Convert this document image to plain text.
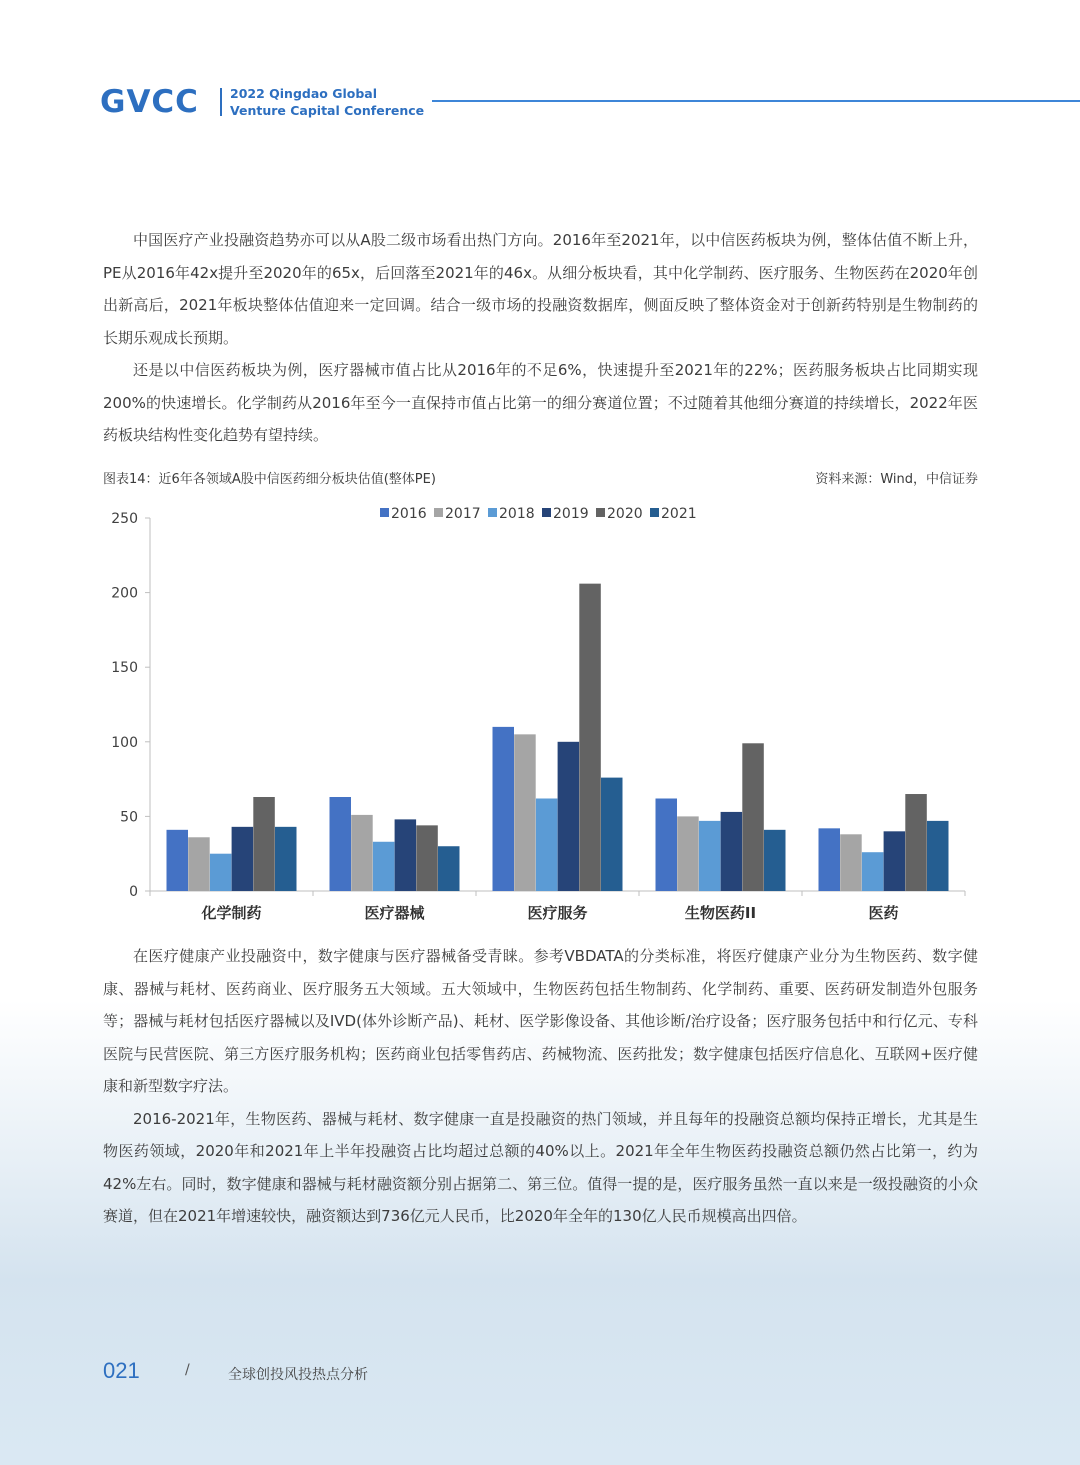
GVCC 2022 Qingdao Global
Venture Capital Conference

中国医疗产业投融资趋势亦可以从A股二级市场看出热门方向。2016年至2021年，以中信医药板块为例，整体估值不断上升，PE从2016年42x提升至2020年的65x，后回落至2021年的46x。从细分板块看，其中化学制药、医疗服务、生物医药在2020年创出新高后，2021年板块整体估值迎来一定回调。结合一级市场的投融资数据库，侧面反映了整体资金对于创新药特别是生物制药的长期乐观成长预期。

还是以中信医药板块为例，医疗器械市值占比从2016年的不足6%，快速提升至2021年的22%；医药服务板块占比同期实现200%的快速增长。化学制药从2016年至今一直保持市值占比第一的细分赛道位置；不过随着其他细分赛道的持续增长，2022年医药板块结构性变化趋势有望持续。

图表14：近6年各领域A股中信医药细分板块估值(整体PE)	资料来源：Wind，中信证券
0
50
100
150
200
250
化学制药	医疗器械	医疗服务	生物医药II	医药
2016 2017 2018 2019 2020 2021

在医疗健康产业投融资中，数字健康与医疗器械备受青睐。参考VBDATA的分类标准，将医疗健康产业分为生物医药、数字健康、器械与耗材、医药商业、医疗服务五大领域。五大领域中，生物医药包括生物制药、化学制药、重要、医药研发制造外包服务等；器械与耗材包括医疗器械以及IVD(体外诊断产品)、耗材、医学影像设备、其他诊断/治疗设备；医疗服务包括中和行亿元、专科医院与民营医院、第三方医疗服务机构；医药商业包括零售药店、药械物流、医药批发；数字健康包括医疗信息化、互联网+医疗健康和新型数字疗法。

2016-2021年，生物医药、器械与耗材、数字健康一直是投融资的热门领域，并且每年的投融资总额均保持正增长，尤其是生物医药领域，2020年和2021年上半年投融资占比均超过总额的40%以上。2021年全年生物医药投融资总额仍然占比第一，约为42%左右。同时，数字健康和器械与耗材融资额分别占据第二、第三位。值得一提的是，医疗服务虽然一直以来是一级投融资的小众赛道，但在2021年增速较快，融资额达到736亿元人民币，比2020年全年的130亿人民币规模高出四倍。

021	/	全球创投风投热点分析
